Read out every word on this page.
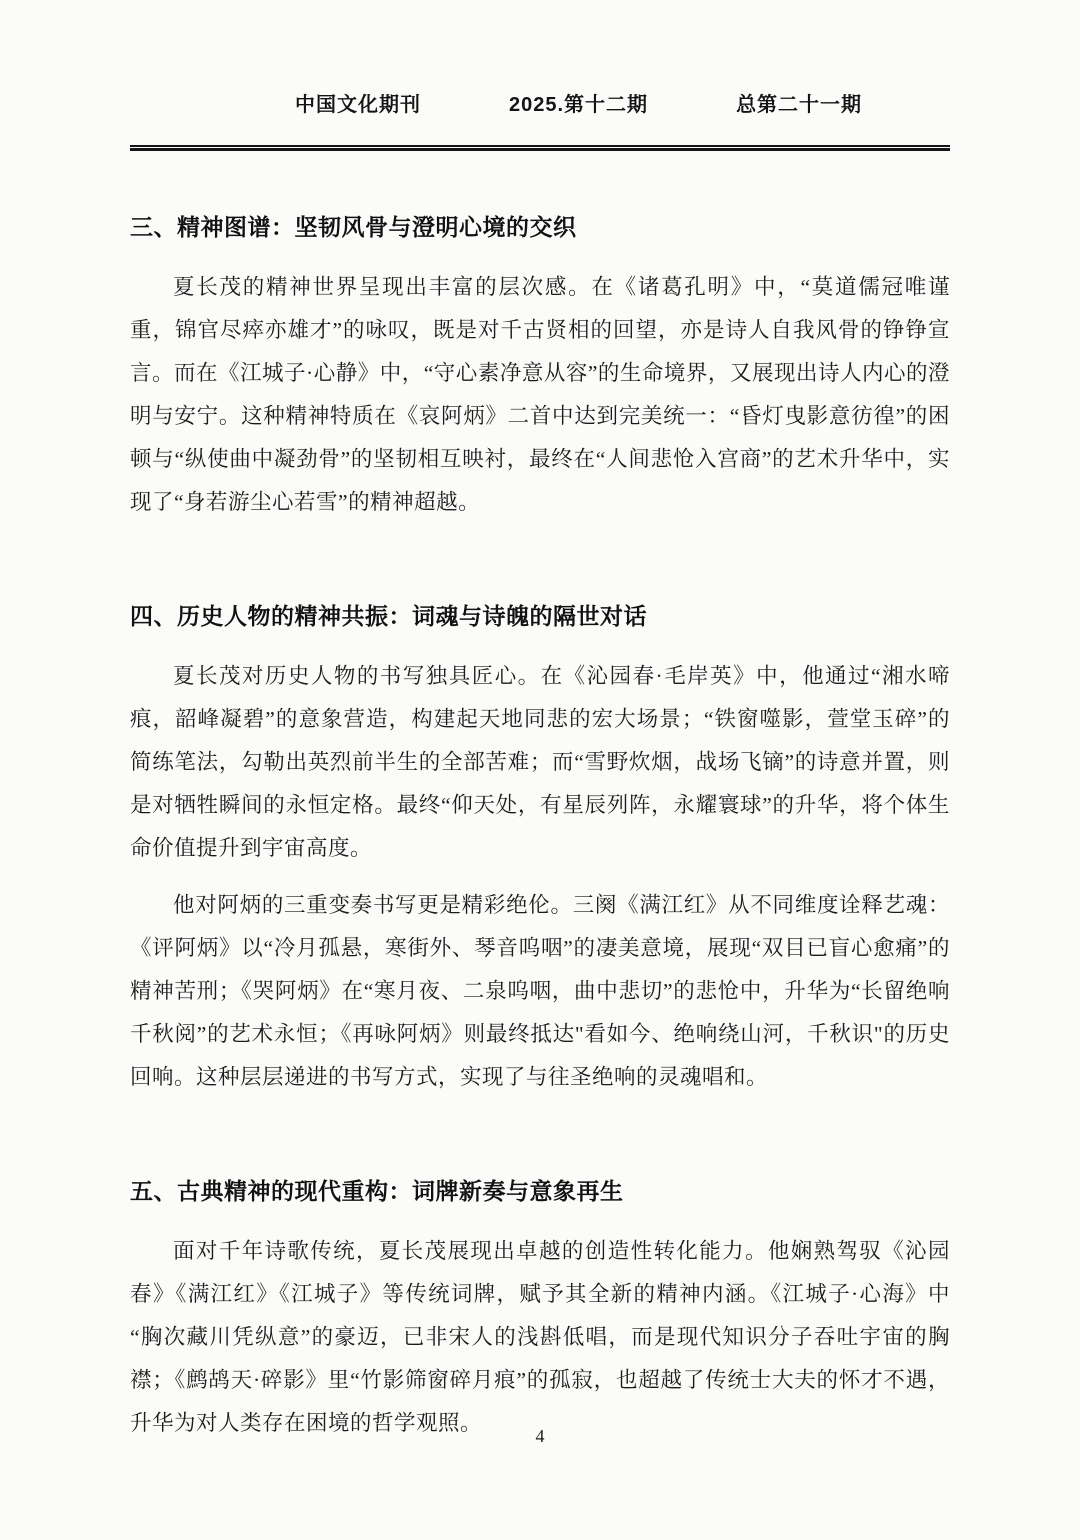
中国文化期刊	2025.第十二期	总第二十一期
三、精神图谱：坚韧风骨与澄明心境的交织

夏长茂的精神世界呈现出丰富的层次感。在《诸葛孔明》中，“莫道儒冠唯谨重，锦官尽瘁亦雄才”的咏叹，既是对千古贤相的回望，亦是诗人自我风骨的铮铮宣言。而在《江城子·心静》中，“守心素净意从容”的生命境界，又展现出诗人内心的澄明与安宁。这种精神特质在《哀阿炳》二首中达到完美统一：“昏灯曳影意彷徨”的困顿与“纵使曲中凝劲骨”的坚韧相互映衬，最终在“人间悲怆入宫商”的艺术升华中，实现了“身若游尘心若雪”的精神超越。

四、历史人物的精神共振：词魂与诗魄的隔世对话

夏长茂对历史人物的书写独具匠心。在《沁园春·毛岸英》中，他通过“湘水啼痕，韶峰凝碧”的意象营造，构建起天地同悲的宏大场景；“铁窗噬影，萱堂玉碎”的简练笔法，勾勒出英烈前半生的全部苦难；而“雪野炊烟，战场飞镝”的诗意并置，则是对牺牲瞬间的永恒定格。最终“仰天处，有星辰列阵，永耀寰球”的升华，将个体生命价值提升到宇宙高度。

他对阿炳的三重变奏书写更是精彩绝伦。三阕《满江红》从不同维度诠释艺魂：《评阿炳》以“冷月孤悬，寒街外、琴音呜咽”的凄美意境，展现“双目已盲心愈痛”的精神苦刑；《哭阿炳》在“寒月夜、二泉呜咽，曲中悲切”的悲怆中，升华为“长留绝响千秋阅”的艺术永恒；《再咏阿炳》则最终抵达"看如今、绝响绕山河，千秋识"的历史回响。这种层层递进的书写方式，实现了与往圣绝响的灵魂唱和。

五、古典精神的现代重构：词牌新奏与意象再生

面对千年诗歌传统，夏长茂展现出卓越的创造性转化能力。他娴熟驾驭《沁园春》《满江红》《江城子》等传统词牌，赋予其全新的精神内涵。《江城子·心海》中“胸次藏川凭纵意”的豪迈，已非宋人的浅斟低唱，而是现代知识分子吞吐宇宙的胸襟；《鹧鸪天·碎影》里“竹影筛窗碎月痕”的孤寂，也超越了传统士大夫的怀才不遇，升华为对人类存在困境的哲学观照。

4
